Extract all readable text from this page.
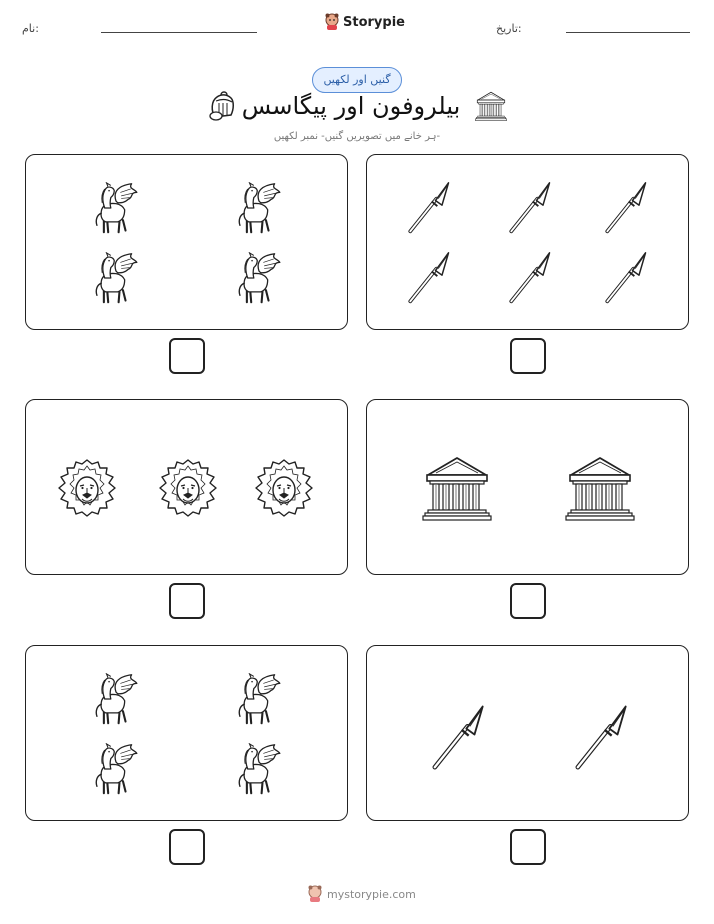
نام:	Storypie	تاریخ:
گنیں اور لکھیں
بیلروفون اور پیگاسس
ہر خانے میں تصویریں گنیں- نمبر لکھیں-
mystorypie.com
